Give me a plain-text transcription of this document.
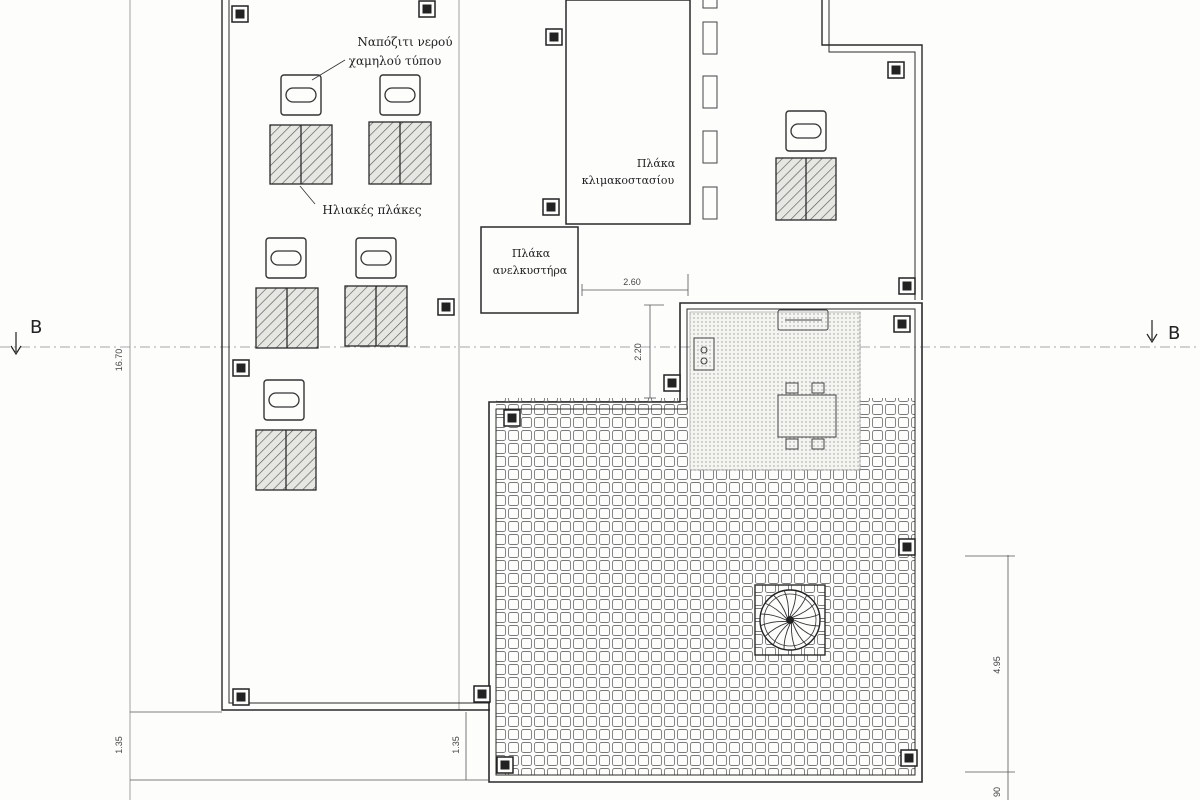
Πλάκα
κλιμακοστασίου
Πλάκα
ανελκυστήρα
Ναπόζιτι νερού
χαμηλού τύπου
Ηλιακές πλάκες
16.70
2.60
2.20
1.35	1.35
4.95
90
B	B
